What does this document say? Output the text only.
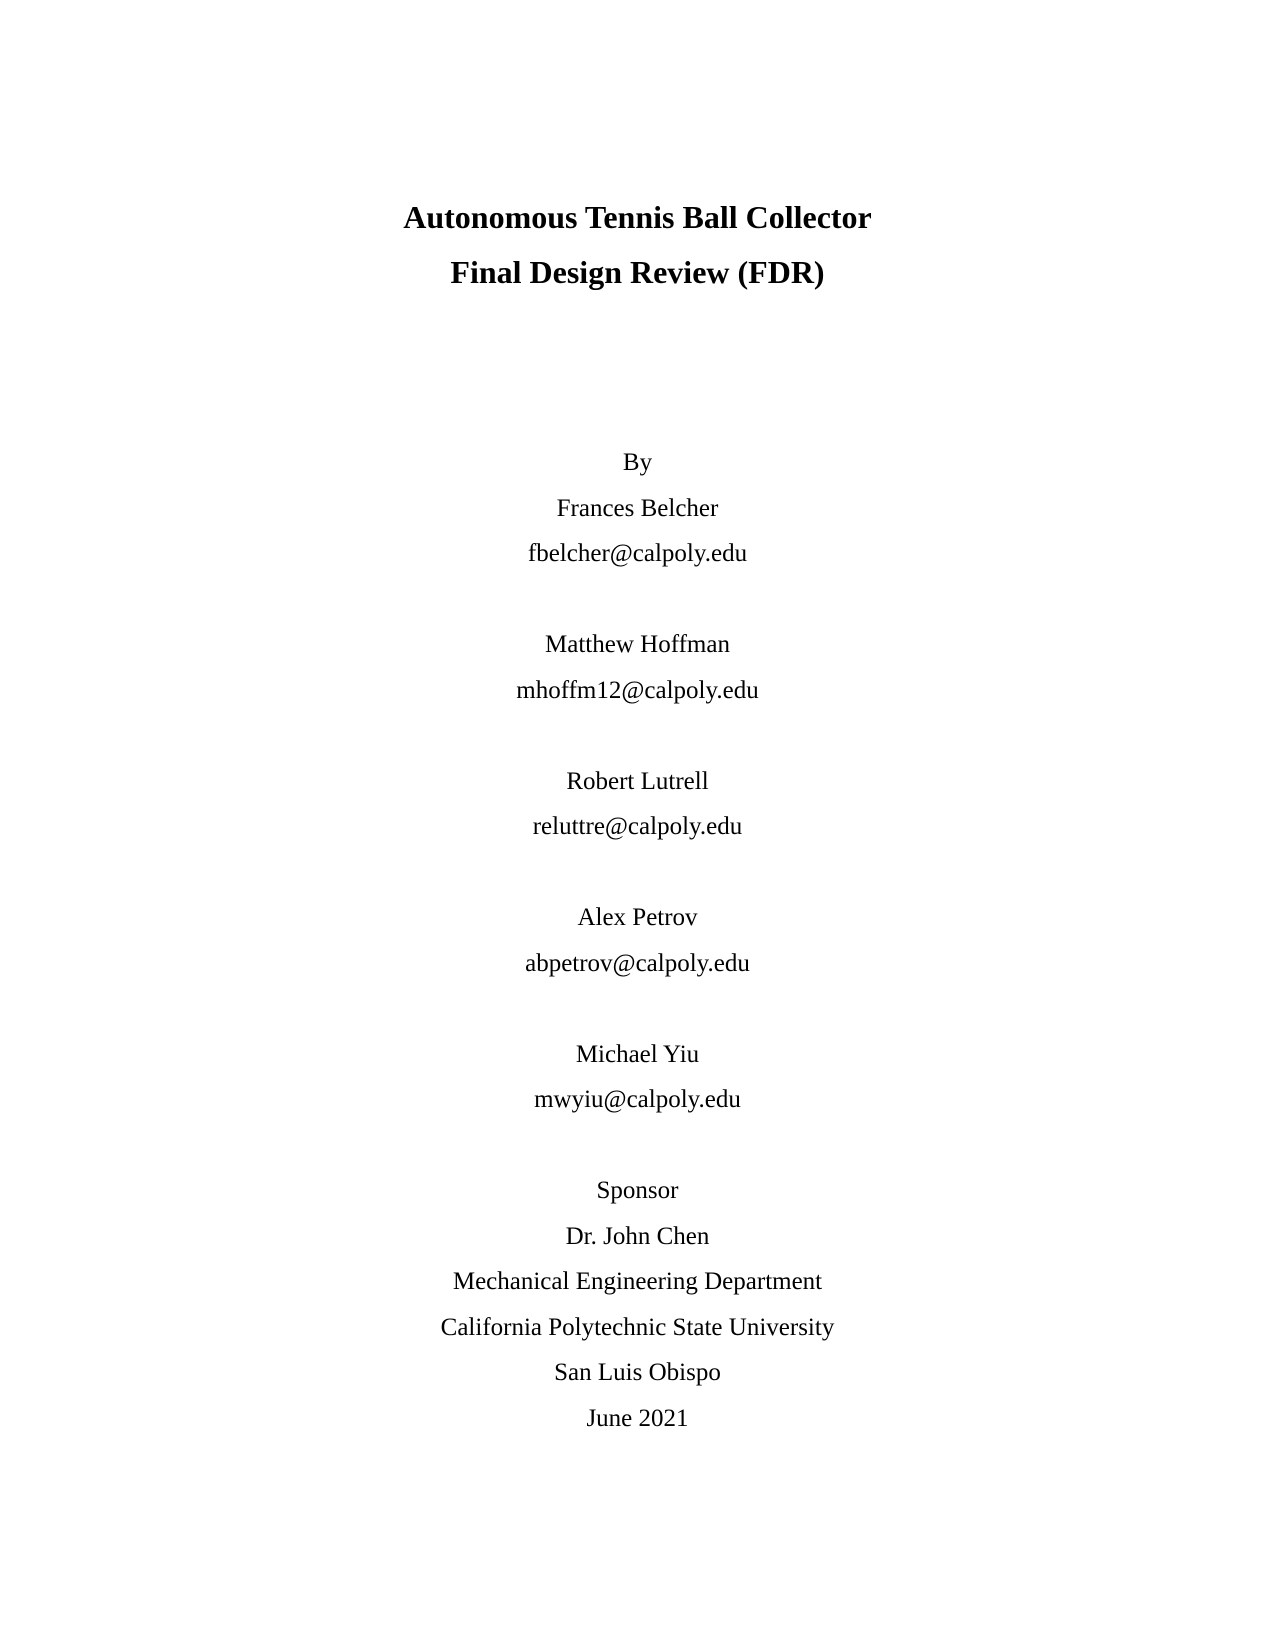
Autonomous Tennis Ball Collector
Final Design Review (FDR)
By
Frances Belcher
fbelcher@calpoly.edu
Matthew Hoffman
mhoffm12@calpoly.edu
Robert Lutrell
reluttre@calpoly.edu
Alex Petrov
abpetrov@calpoly.edu
Michael Yiu
mwyiu@calpoly.edu
Sponsor
Dr. John Chen
Mechanical Engineering Department
California Polytechnic State University
San Luis Obispo
June 2021
